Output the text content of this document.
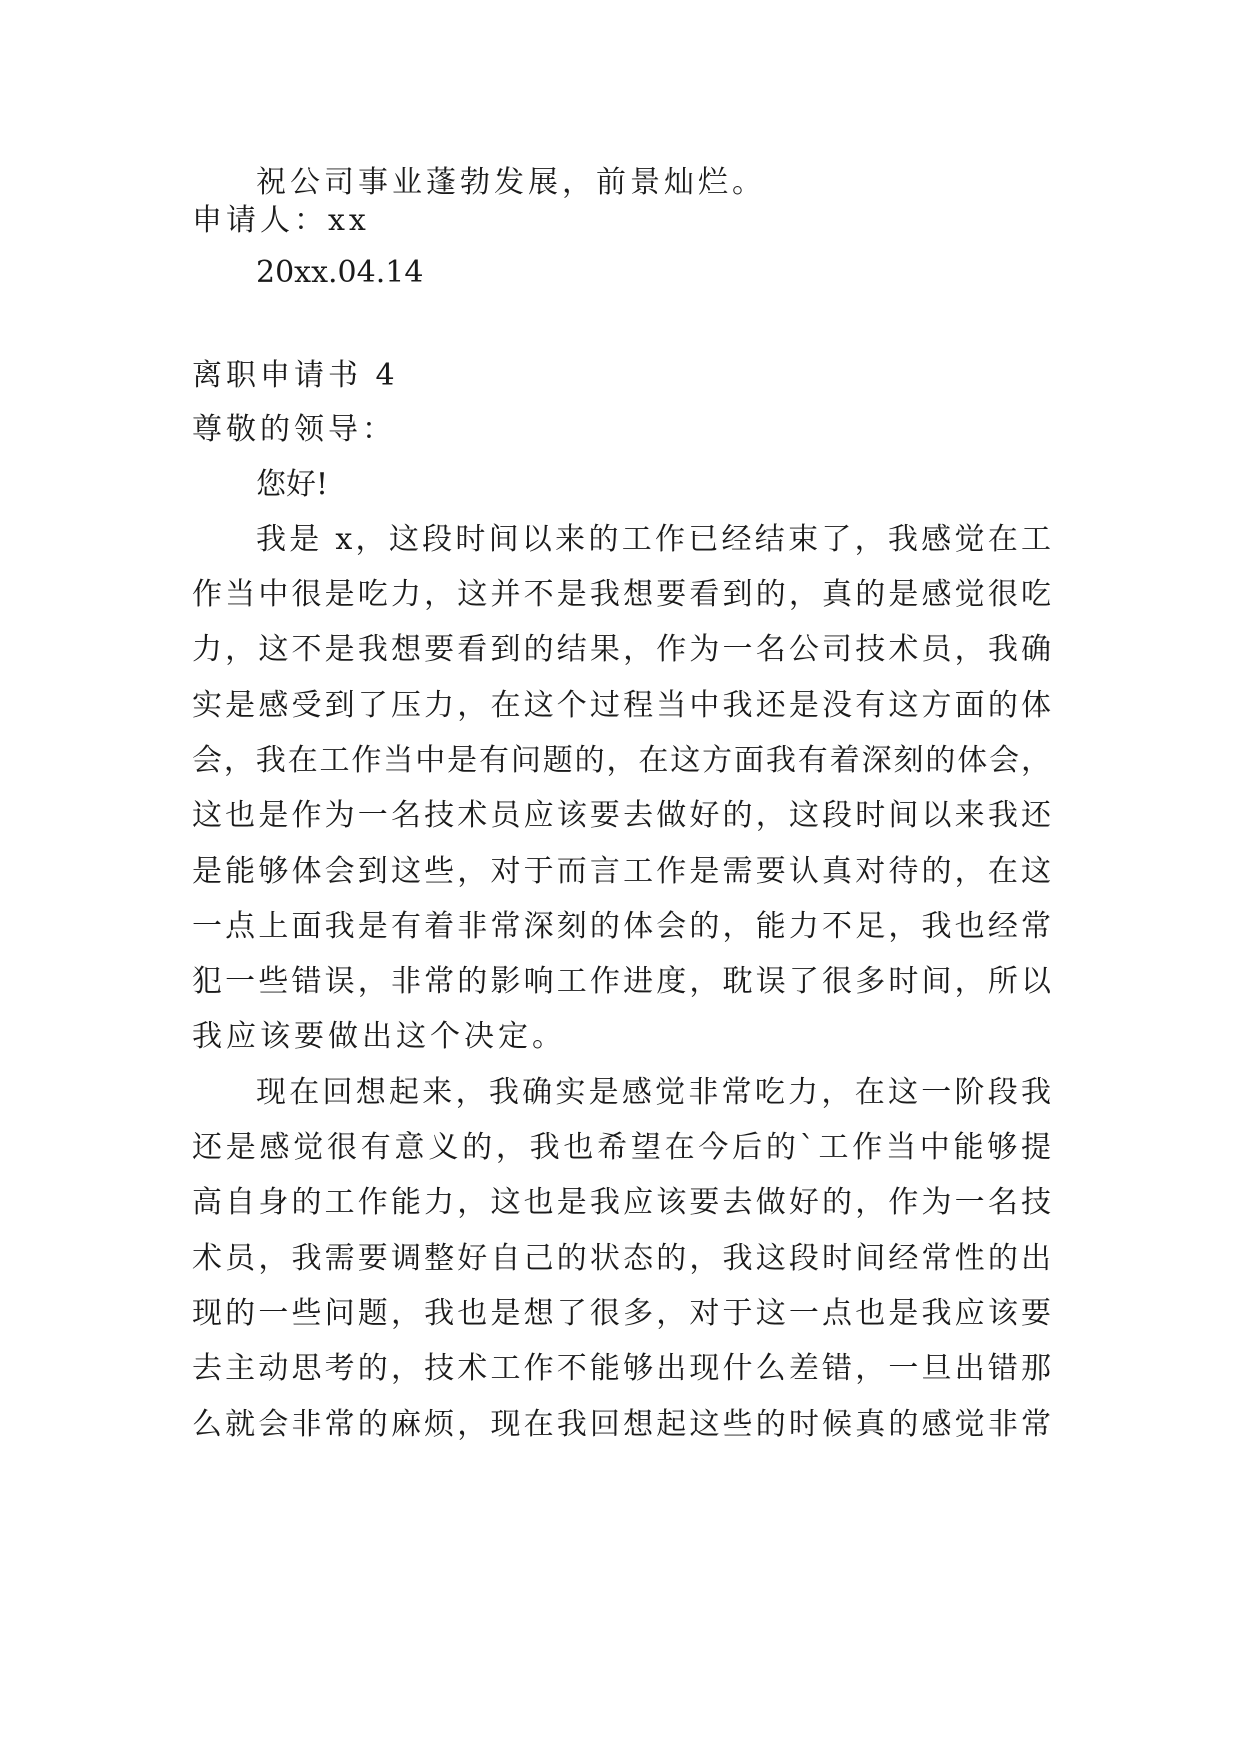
祝公司事业蓬勃发展，前景灿烂。
申请人：xx
20xx.04.14
离职申请书 4
尊敬的领导：
您好!
我是 x，这段时间以来的工作已经结束了，我感觉在工
作当中很是吃力，这并不是我想要看到的，真的是感觉很吃
力，这不是我想要看到的结果，作为一名公司技术员，我确
实是感受到了压力，在这个过程当中我还是没有这方面的体
会，我在工作当中是有问题的，在这方面我有着深刻的体会，
这也是作为一名技术员应该要去做好的，这段时间以来我还
是能够体会到这些，对于而言工作是需要认真对待的，在这
一点上面我是有着非常深刻的体会的，能力不足，我也经常
犯一些错误，非常的影响工作进度，耽误了很多时间，所以
我应该要做出这个决定。
现在回想起来，我确实是感觉非常吃力，在这一阶段我
还是感觉很有意义的，我也希望在今后的`工作当中能够提
高自身的工作能力，这也是我应该要去做好的，作为一名技
术员，我需要调整好自己的状态的，我这段时间经常性的出
现的一些问题，我也是想了很多，对于这一点也是我应该要
去主动思考的，技术工作不能够出现什么差错，一旦出错那
么就会非常的麻烦，现在我回想起这些的时候真的感觉非常
